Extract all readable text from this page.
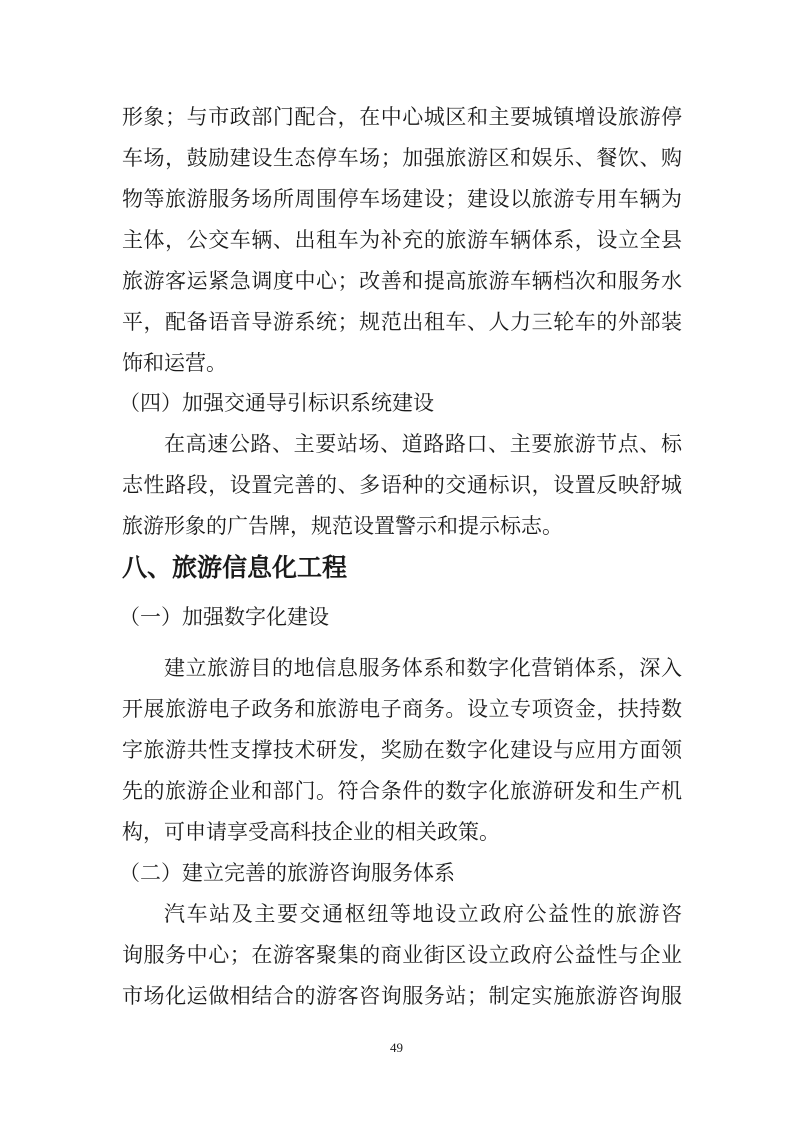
形象；与市政部门配合，在中心城区和主要城镇增设旅游停
车场，鼓励建设生态停车场；加强旅游区和娱乐、餐饮、购
物等旅游服务场所周围停车场建设；建设以旅游专用车辆为
主体，公交车辆、出租车为补充的旅游车辆体系，设立全县
旅游客运紧急调度中心；改善和提高旅游车辆档次和服务水
平，配备语音导游系统；规范出租车、人力三轮车的外部装
饰和运营。
（四）加强交通导引标识系统建设
在高速公路、主要站场、道路路口、主要旅游节点、标
志性路段，设置完善的、多语种的交通标识，设置反映舒城
旅游形象的广告牌，规范设置警示和提示标志。
八、旅游信息化工程
（一）加强数字化建设
建立旅游目的地信息服务体系和数字化营销体系，深入
开展旅游电子政务和旅游电子商务。设立专项资金，扶持数
字旅游共性支撑技术研发，奖励在数字化建设与应用方面领
先的旅游企业和部门。符合条件的数字化旅游研发和生产机
构，可申请享受高科技企业的相关政策。
（二）建立完善的旅游咨询服务体系
汽车站及主要交通枢纽等地设立政府公益性的旅游咨
询服务中心；在游客聚集的商业街区设立政府公益性与企业
市场化运做相结合的游客咨询服务站；制定实施旅游咨询服
49
